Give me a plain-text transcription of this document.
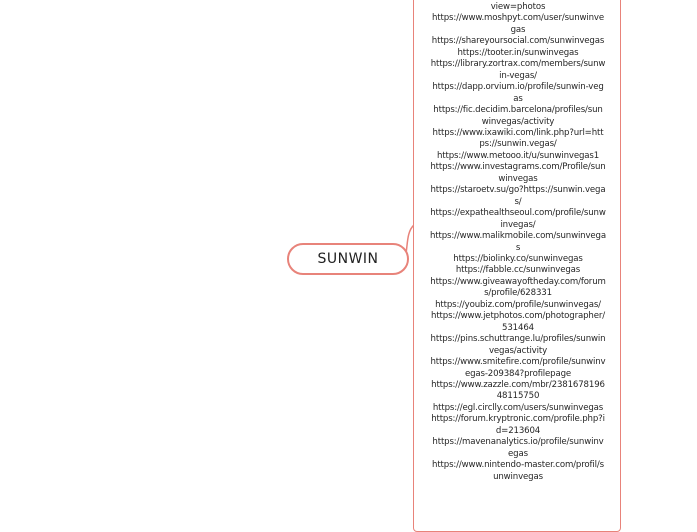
SUNWIN
view=photos
https://www.moshpyt.com/user/sunwinvegas
https://shareyoursocial.com/sunwinvegas
https://tooter.in/sunwinvegas
https://library.zortrax.com/members/sunwin-vegas/
https://dapp.orvium.io/profile/sunwin-vegas
https://fic.decidim.barcelona/profiles/sunwinvegas/activity
https://www.ixawiki.com/link.php?url=https://sunwin.vegas/
https://www.metooo.it/u/sunwinvegas1
https://www.investagrams.com/Profile/sunwinvegas
https://staroetv.su/go?https://sunwin.vegas/
https://expathealthseoul.com/profile/sunwinvegas/
https://www.malikmobile.com/sunwinvegas
https://biolinky.co/sunwinvegas
https://fabble.cc/sunwinvegas
https://www.giveawayoftheday.com/forums/profile/628331
https://youbiz.com/profile/sunwinvegas/
https://www.jetphotos.com/photographer/531464
https://pins.schuttrange.lu/profiles/sunwinvegas/activity
https://www.smitefire.com/profile/sunwinvegas-209384?profilepage
https://www.zazzle.com/mbr/238167819648115750
https://egl.circlly.com/users/sunwinvegas
https://forum.kryptronic.com/profile.php?id=213604
https://mavenanalytics.io/profile/sunwinvegas
https://www.nintendo-master.com/profil/sunwinvegas
